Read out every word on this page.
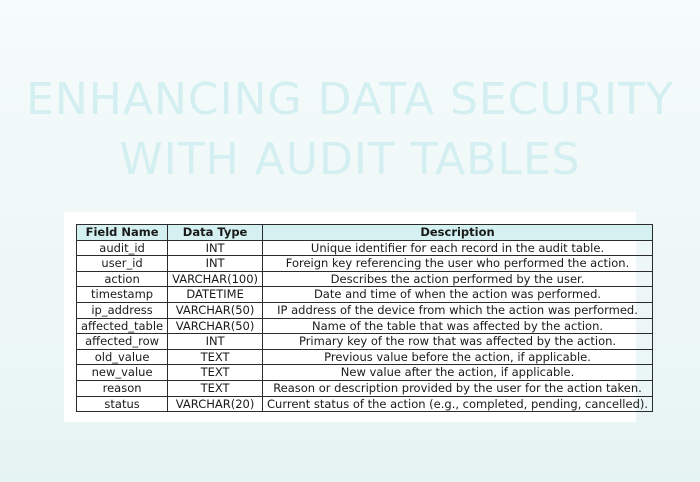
ENHANCING DATA SECURITY
WITH AUDIT TABLES
Field Name	Data Type	Description
audit_id	INT	Unique identifier for each record in the audit table.
user_id	INT	Foreign key referencing the user who performed the action.
action	VARCHAR(100)	Describes the action performed by the user.
timestamp	DATETIME	Date and time of when the action was performed.
ip_address	VARCHAR(50)	IP address of the device from which the action was performed.
affected_table	VARCHAR(50)	Name of the table that was affected by the action.
affected_row	INT	Primary key of the row that was affected by the action.
old_value	TEXT	Previous value before the action, if applicable.
new_value	TEXT	New value after the action, if applicable.
reason	TEXT	Reason or description provided by the user for the action taken.
status	VARCHAR(20)	Current status of the action (e.g., completed, pending, cancelled).
